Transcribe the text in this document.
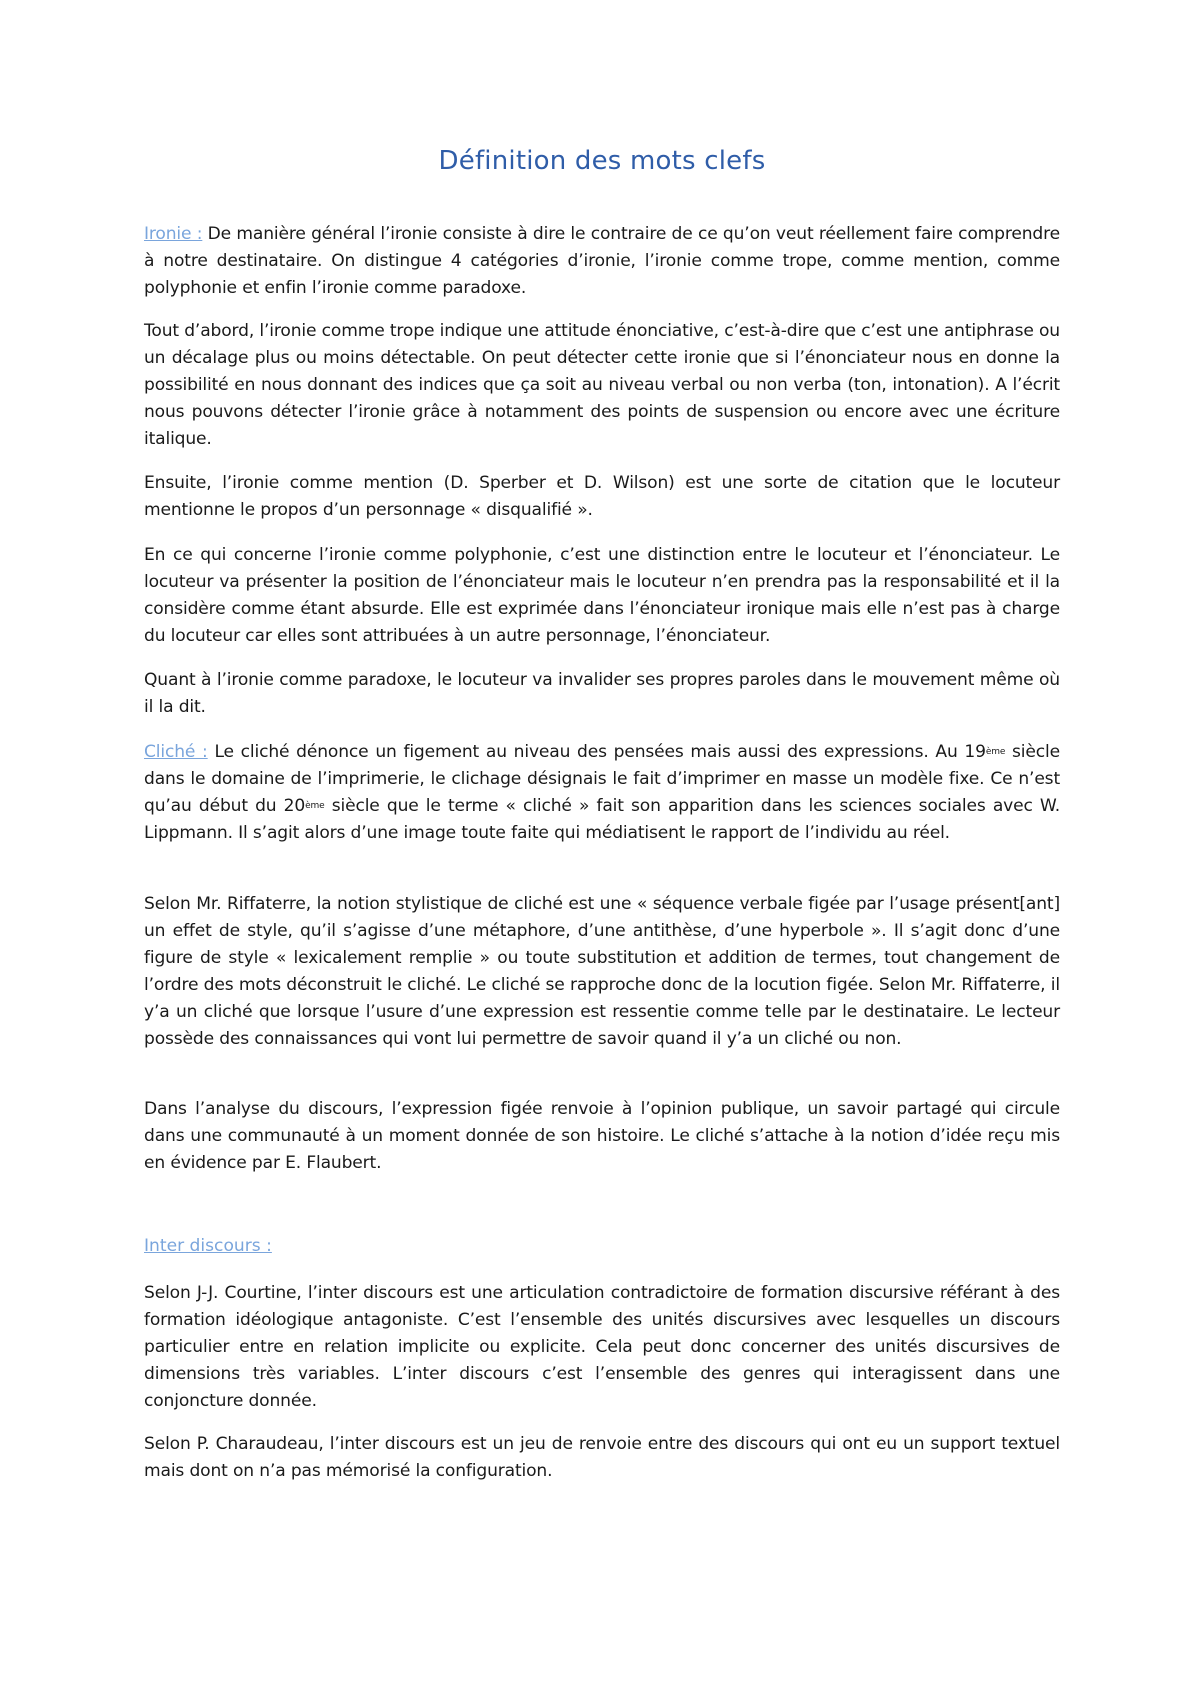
Définition des mots clefs

Ironie : De manière général l’ironie consiste à dire le contraire de ce qu’on veut réellement faire comprendre à notre destinataire. On distingue 4 catégories d’ironie, l’ironie comme trope, comme mention, comme polyphonie et enfin l’ironie comme paradoxe.

Tout d’abord, l’ironie comme trope indique une attitude énonciative, c’est-à-dire que c’est une antiphrase ou un décalage plus ou moins détectable. On peut détecter cette ironie que si l’énonciateur nous en donne la possibilité en nous donnant des indices que ça soit au niveau verbal ou non verba (ton, intonation). A l’écrit nous pouvons détecter l’ironie grâce à notamment des points de suspension ou encore avec une écriture italique.

Ensuite, l’ironie comme mention (D. Sperber et D. Wilson) est une sorte de citation que le locuteur mentionne le propos d’un personnage « disqualifié ».

En ce qui concerne l’ironie comme polyphonie, c’est une distinction entre le locuteur et l’énonciateur. Le locuteur va présenter la position de l’énonciateur mais le locuteur n’en prendra pas la responsabilité et il la considère comme étant absurde. Elle est exprimée dans l’énonciateur ironique mais elle n’est pas à charge du locuteur car elles sont attribuées à un autre personnage, l’énonciateur.

Quant à l’ironie comme paradoxe, le locuteur va invalider ses propres paroles dans le mouvement même où il la dit.

Cliché : Le cliché dénonce un figement au niveau des pensées mais aussi des expressions. Au 19ème siècle dans le domaine de l’imprimerie, le clichage désignais le fait d’imprimer en masse un modèle fixe. Ce n’est qu’au début du 20ème siècle que le terme « cliché » fait son apparition dans les sciences sociales avec W. Lippmann. Il s’agit alors d’une image toute faite qui médiatisent le rapport de l’individu au réel.

Selon Mr. Riffaterre, la notion stylistique de cliché est une « séquence verbale figée par l’usage présent[ant] un effet de style, qu’il s’agisse d’une métaphore, d’une antithèse, d’une hyperbole ». Il s’agit donc d’une figure de style « lexicalement remplie » ou toute substitution et addition de termes, tout changement de l’ordre des mots déconstruit le cliché. Le cliché se rapproche donc de la locution figée. Selon Mr. Riffaterre, il y’a un cliché que lorsque l’usure d’une expression est ressentie comme telle par le destinataire. Le lecteur possède des connaissances qui vont lui permettre de savoir quand il y’a un cliché ou non.

Dans l’analyse du discours, l’expression figée renvoie à l’opinion publique, un savoir partagé qui circule dans une communauté à un moment donnée de son histoire. Le cliché s’attache à la notion d’idée reçu mis en évidence par E. Flaubert.

Inter discours :

Selon J-J. Courtine, l’inter discours est une articulation contradictoire de formation discursive référant à des formation idéologique antagoniste. C’est l’ensemble des unités discursives avec lesquelles un discours particulier entre en relation implicite ou explicite. Cela peut donc concerner des unités discursives de dimensions très variables. L’inter discours c’est l’ensemble des genres qui interagissent dans une conjoncture donnée.

Selon P. Charaudeau, l’inter discours est un jeu de renvoie entre des discours qui ont eu un support textuel mais dont on n’a pas mémorisé la configuration.
